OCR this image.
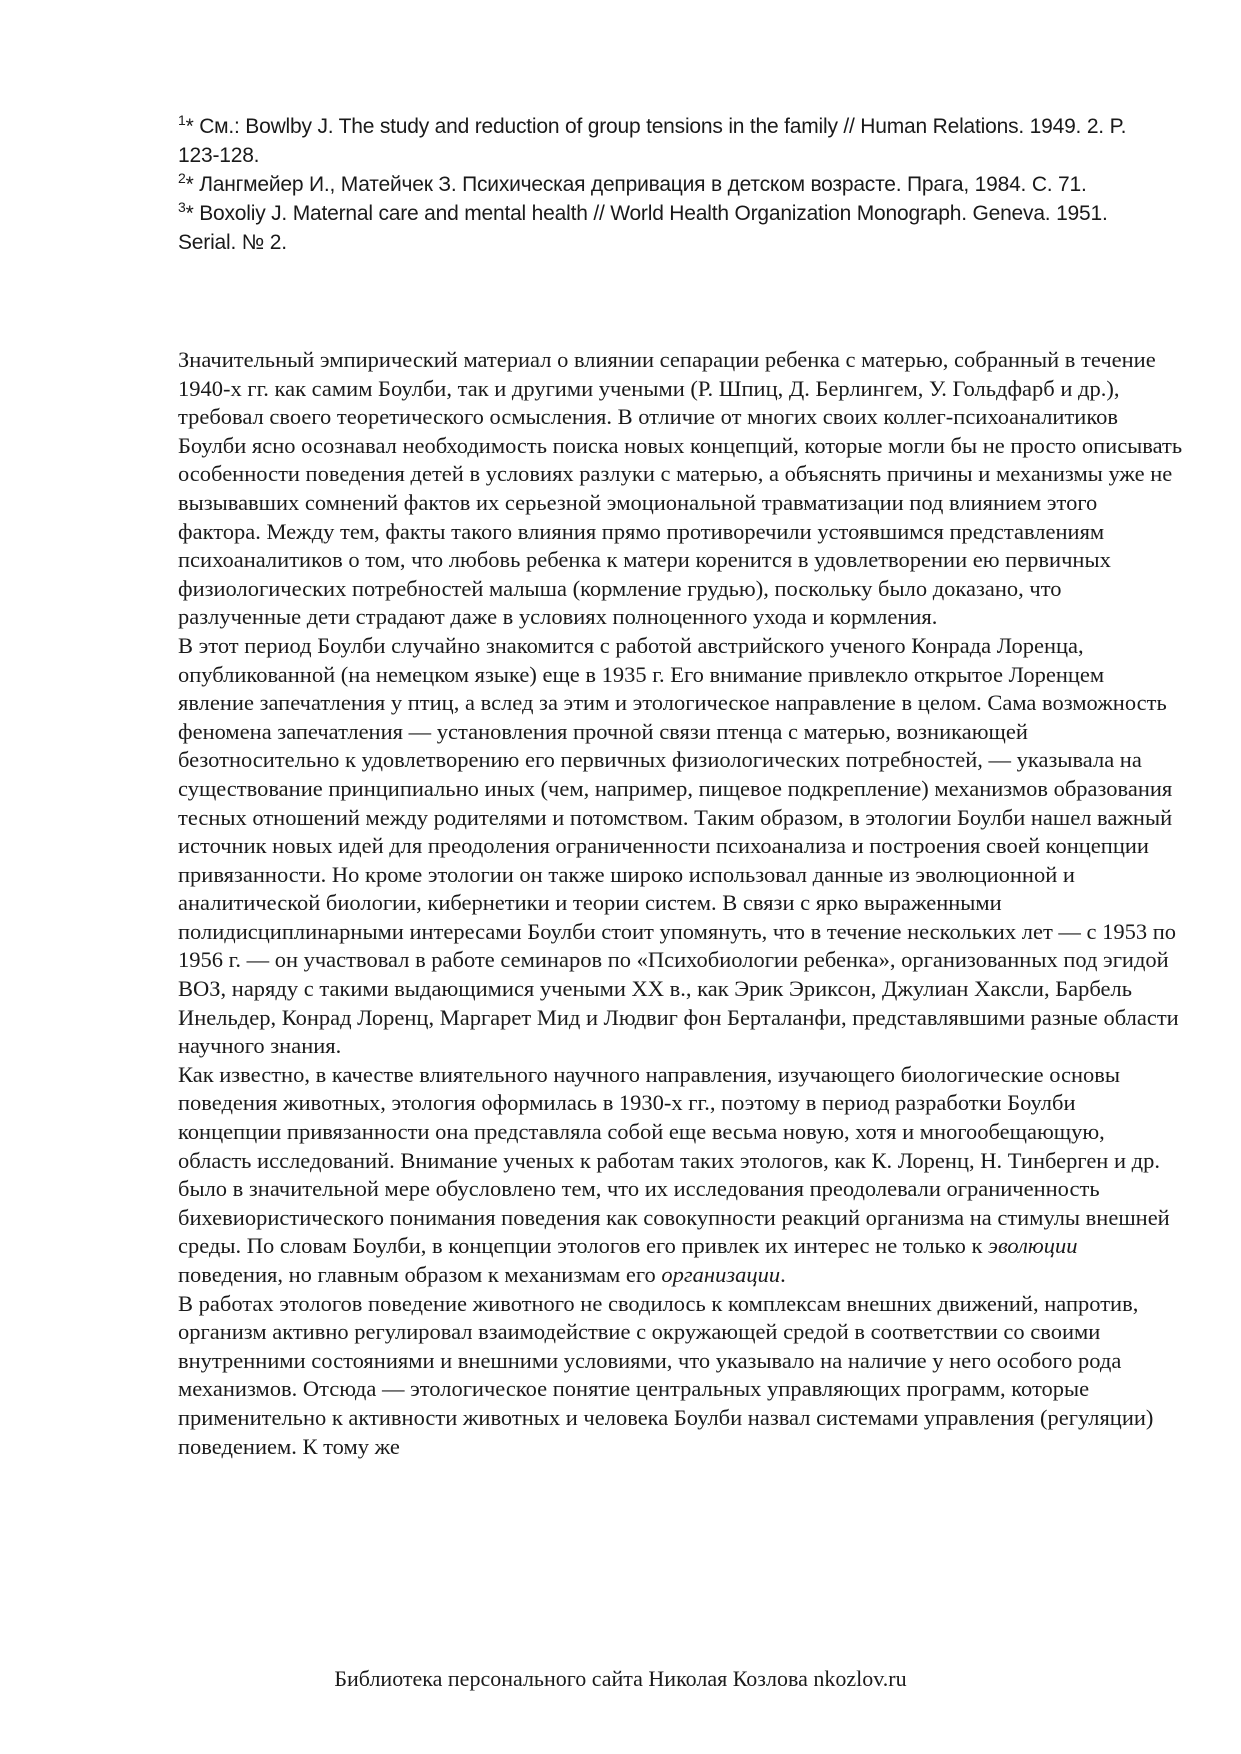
$^1$* См.: Bowlby J. The study and reduction of group tensions in the family // Human Relations. 1949. 2. P. 123-128.

$^2$* Лангмейер И., Матейчек З. Психическая депривация в детском возрасте. Прага, 1984. С. 71.

$^3$* Boxoliy J. Maternal care and mental health // World Health Organization Monograph. Geneva. 1951. Serial. № 2.

Значительный эмпирический материал о влиянии сепарации ребенка с матерью, собранный в течение 1940-х гг. как самим Боулби, так и другими учеными (Р. Шпиц, Д. Берлингем, У. Гольдфарб и др.), требовал своего теоретического осмысления. В отличие от многих своих коллег-психоаналитиков Боулби ясно осознавал необходимость поиска новых концепций, которые могли бы не просто описывать особенности поведения детей в условиях разлуки с матерью, а объяснять причины и механизмы уже не вызывавших сомнений фактов их серьезной эмоциональной травматизации под влиянием этого фактора. Между тем, факты такого влияния прямо противоречили устоявшимся представлениям психоаналитиков о том, что любовь ребенка к матери коренится в удовлетворении ею первичных физиологических потребностей малыша (кормление грудью), поскольку было доказано, что разлученные дети страдают даже в условиях полноценного ухода и кормления.

В этот период Боулби случайно знакомится с работой австрийского ученого Конрада Лоренца, опубликованной (на немецком языке) еще в 1935 г. Его внимание привлекло открытое Лоренцем явление запечатления у птиц, а вслед за этим и этологическое направление в целом. Сама возможность феномена запечатления — установления прочной связи птенца с матерью, возникающей безотносительно к удовлетворению его первичных физиологических потребностей, — указывала на существование принципиально иных (чем, например, пищевое подкрепление) механизмов образования тесных отношений между родителями и потомством. Таким образом, в этологии Боулби нашел важный источник новых идей для преодоления ограниченности психоанализа и построения своей концепции привязанности. Но кроме этологии он также широко использовал данные из эволюционной и аналитической биологии, кибернетики и теории систем. В связи с ярко выраженными полидисциплинарными интересами Боулби стоит упомянуть, что в течение нескольких лет — с 1953 по 1956 г. — он участвовал в работе семинаров по «Психобиологии ребенка», организованных под эгидой ВОЗ, наряду с такими выдающимися учеными XX в., как Эрик Эриксон, Джулиан Хаксли, Барбель Инельдер, Конрад Лоренц, Маргарет Мид и Людвиг фон Берталанфи, представлявшими разные области научного знания.

Как известно, в качестве влиятельного научного направления, изучающего биологические основы поведения животных, этология оформилась в 1930-х гг., поэтому в период разработки Боулби концепции привязанности она представляла собой еще весьма новую, хотя и многообещающую, область исследований. Внимание ученых к работам таких этологов, как К. Лоренц, Н. Тинберген и др. было в значительной мере обусловлено тем, что их исследования преодолевали ограниченность бихевиористического понимания поведения как совокупности реакций организма на стимулы внешней среды. По словам Боулби, в концепции этологов его привлек их интерес не только к эволюции поведения, но главным образом к механизмам его организации.

В работах этологов поведение животного не сводилось к комплексам внешних движений, напротив, организм активно регулировал взаимодействие с окружающей средой в соответствии со своими внутренними состояниями и внешними условиями, что указывало на наличие у него особого рода механизмов. Отсюда — этологическое понятие центральных управляющих программ, которые применительно к активности животных и человека Боулби назвал системами управления (регуляции) поведением. К тому же

Библиотека персонального сайта Николая Козлова nkozlov.ru
